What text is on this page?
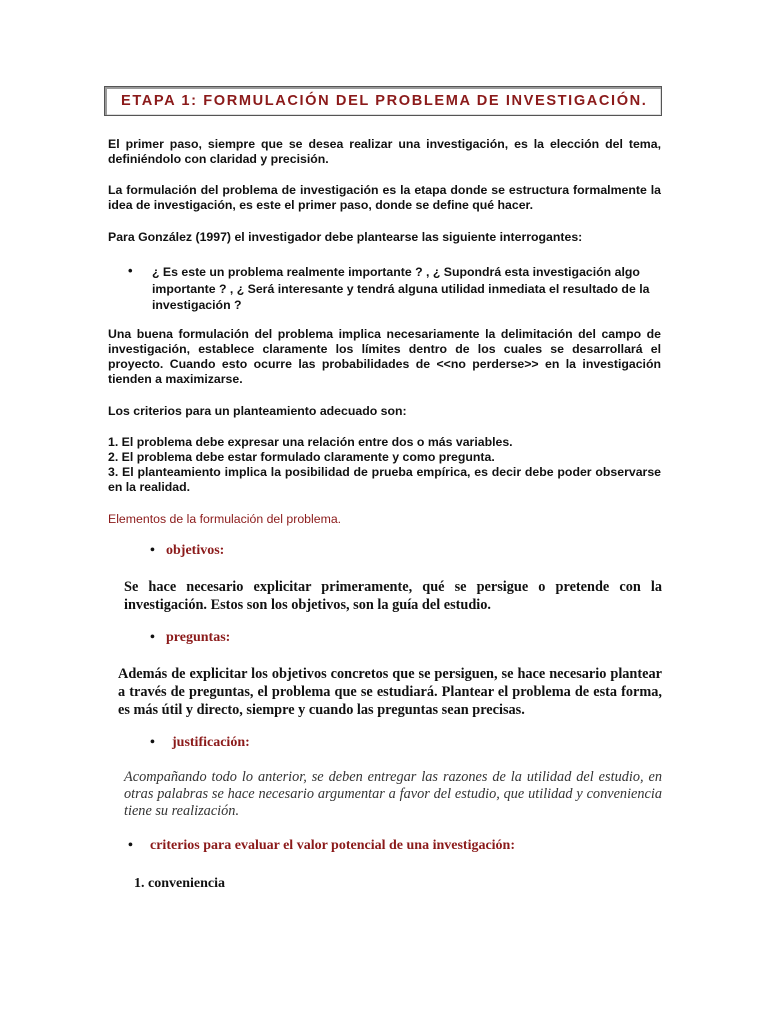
ETAPA 1: FORMULACIÓN DEL PROBLEMA DE INVESTIGACIÓN.

El primer paso, siempre que se desea realizar una investigación, es la elección del tema, definiéndolo con claridad y precisión.

La formulación del problema de investigación es la etapa donde se estructura formalmente la idea de investigación, es este el primer paso, donde se define qué hacer.

Para González (1997) el investigador debe plantearse las siguiente interrogantes:

• ¿ Es este un problema realmente importante ? , ¿ Supondrá esta investigación algo importante ? , ¿ Será interesante y tendrá alguna utilidad inmediata el resultado de la investigación ?

Una buena formulación del problema implica necesariamente la delimitación del campo de investigación, establece claramente los límites dentro de los cuales se desarrollará el proyecto. Cuando esto ocurre las probabilidades de <<no perderse>> en la investigación tienden a maximizarse.

Los criterios para un planteamiento adecuado son:

1. El problema debe expresar una relación entre dos o más variables.

2. El problema debe estar formulado claramente y como pregunta.

3. El planteamiento implica la posibilidad de prueba empírica, es decir debe poder observarse en la realidad.

Elementos de la formulación del problema.
• objetivos:

Se hace necesario explicitar primeramente, qué se persigue o pretende con la investigación. Estos son los objetivos, son la guía del estudio.

• preguntas:

Además de explicitar los objetivos concretos que se persiguen, se hace necesario plantear a través de preguntas, el problema que se estudiará. Plantear el problema de esta forma, es más útil y directo, siempre y cuando las preguntas sean precisas.

• justificación:

Acompañando todo lo anterior, se deben entregar las razones de la utilidad del estudio, en otras palabras se hace necesario argumentar a favor del estudio, que utilidad y conveniencia tiene su realización.

• criterios para evaluar el valor potencial de una investigación:

1. conveniencia
